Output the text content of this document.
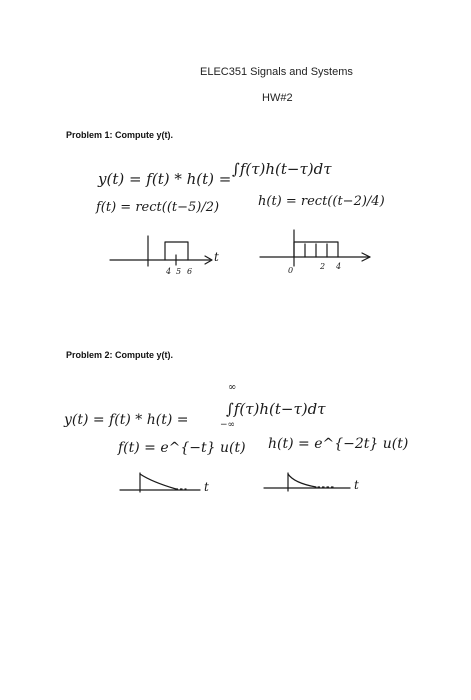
ELEC351 Signals and Systems
HW#2
Problem 1: Compute y(t).
y(t) = f(t) * h(t) =
∫f(τ)h(t−τ)dτ
f(t) = rect((t−5)/2)	h(t) = rect((t−2)/4)
4 5 6
t
0	2 4
Problem 2: Compute y(t).
∞
y(t) = f(t) * h(t) =
∫f(τ)h(t−τ)dτ
−∞
f(t) = e^{−t} u(t) h(t) = e^{−2t} u(t)
t	t
